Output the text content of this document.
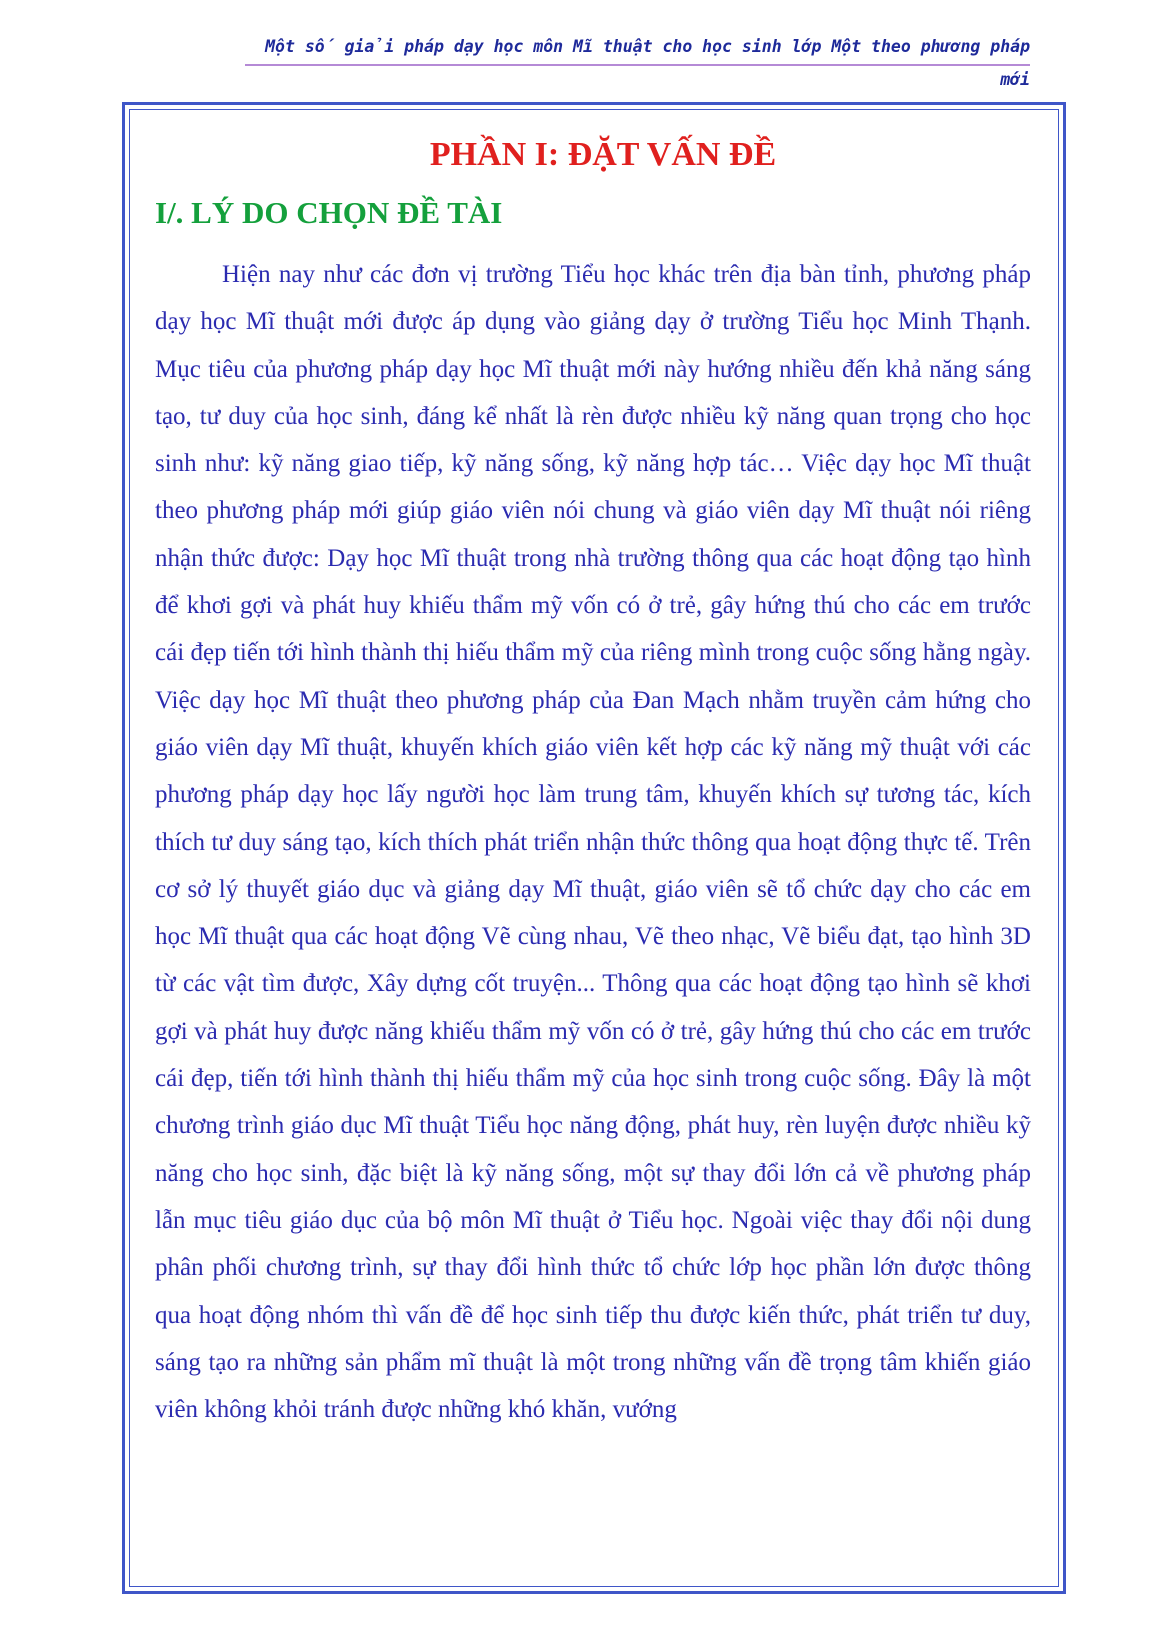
Một số giải pháp dạy học môn Mĩ thuật cho học sinh lớp Một theo phương pháp
mới
PHẦN I: ĐẶT VẤN ĐỀ
I/. LÝ DO CHỌN ĐỀ TÀI

Hiện nay như các đơn vị trường Tiểu học khác trên địa bàn tỉnh, phương pháp dạy học Mĩ thuật mới được áp dụng vào giảng dạy ở trường Tiểu học Minh Thạnh. Mục tiêu của phương pháp dạy học Mĩ thuật mới này hướng nhiều đến khả năng sáng tạo, tư duy của học sinh, đáng kể nhất là rèn được nhiều kỹ năng quan trọng cho học sinh như: kỹ năng giao tiếp, kỹ năng sống, kỹ năng hợp tác… Việc dạy học Mĩ thuật theo phương pháp mới giúp giáo viên nói chung và giáo viên dạy Mĩ thuật nói riêng nhận thức được: Dạy học Mĩ thuật trong nhà trường thông qua các hoạt động tạo hình để khơi gợi và phát huy khiếu thẩm mỹ vốn có ở trẻ, gây hứng thú cho các em trước cái đẹp tiến tới hình thành thị hiếu thẩm mỹ của riêng mình trong cuộc sống hằng ngày. Việc dạy học Mĩ thuật theo phương pháp của Đan Mạch nhằm truyền cảm hứng cho giáo viên dạy Mĩ thuật, khuyến khích giáo viên kết hợp các kỹ năng mỹ thuật với các phương pháp dạy học lấy người học làm trung tâm, khuyến khích sự tương tác, kích thích tư duy sáng tạo, kích thích phát triển nhận thức thông qua hoạt động thực tế. Trên cơ sở lý thuyết giáo dục và giảng dạy Mĩ thuật, giáo viên sẽ tổ chức dạy cho các em học Mĩ thuật qua các hoạt động Vẽ cùng nhau, Vẽ theo nhạc, Vẽ biểu đạt, tạo hình 3D từ các vật tìm được, Xây dựng cốt truyện... Thông qua các hoạt động tạo hình sẽ khơi gợi và phát huy được năng khiếu thẩm mỹ vốn có ở trẻ, gây hứng thú cho các em trước cái đẹp, tiến tới hình thành thị hiếu thẩm mỹ của học sinh trong cuộc sống. Đây là một chương trình giáo dục Mĩ thuật Tiểu học năng động, phát huy, rèn luyện được nhiều kỹ năng cho học sinh, đặc biệt là kỹ năng sống, một sự thay đổi lớn cả về phương pháp lẫn mục tiêu giáo dục của bộ môn Mĩ thuật ở Tiểu học. Ngoài việc thay đổi nội dung phân phối chương trình, sự thay đổi hình thức tổ chức lớp học phần lớn được thông qua hoạt động nhóm thì vấn đề để học sinh tiếp thu được kiến thức, phát triển tư duy, sáng tạo ra những sản phẩm mĩ thuật là một trong những vấn đề trọng tâm khiến giáo viên không khỏi tránh được những khó khăn, vướng
